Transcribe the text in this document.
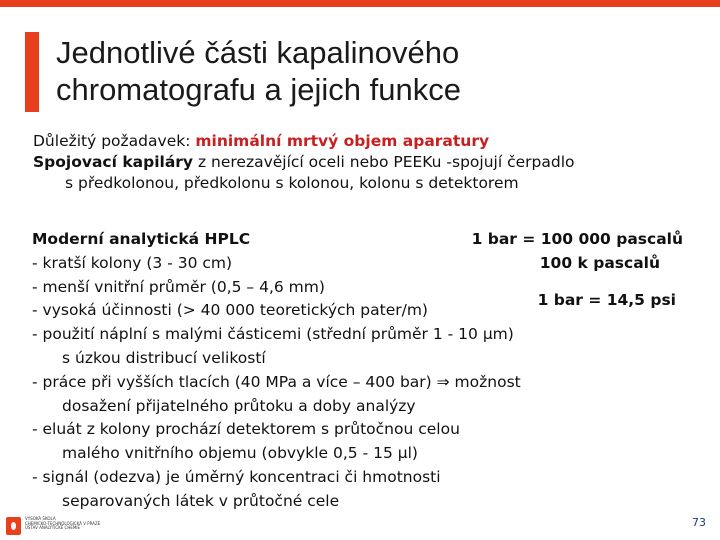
Jednotlivé části kapalinového
chromatografu a jejich funkce
Důležitý požadavek: minimální mrtvý objem aparatury
Spojovací kapiláry z nerezavějící oceli nebo PEEKu -spojují čerpadlo
s předkolonou, předkolonu s kolonou, kolonu s detektorem
Moderní analytická HPLC
- kratší kolony (3 - 30 cm)
- menší vnitřní průměr (0,5 – 4,6 mm)
- vysoká účinnosti (> 40 000 teoretických pater/m)
- použití náplní s malými částicemi (střední průměr 1 - 10 µm)
s úzkou distribucí velikostí
- práce při vyšších tlacích (40 MPa a více – 400 bar) ⇒ možnost
dosažení přijatelného průtoku a doby analýzy
- eluát z kolony prochází detektorem s průtočnou celou
malého vnitřního objemu (obvykle 0,5 - 15 µl)
- signál (odezva) je úměrný koncentraci či hmotnosti
separovaných látek v průtočné cele
1 bar = 100 000 pascalů
100 k pascalů
1 bar = 14,5 psi
VYSOKÁ ŠKOLA
CHEMICKO-TECHNOLOGICKÁ V PRAZE
ÚSTAV ANALYTICKÉ CHEMIE	73
